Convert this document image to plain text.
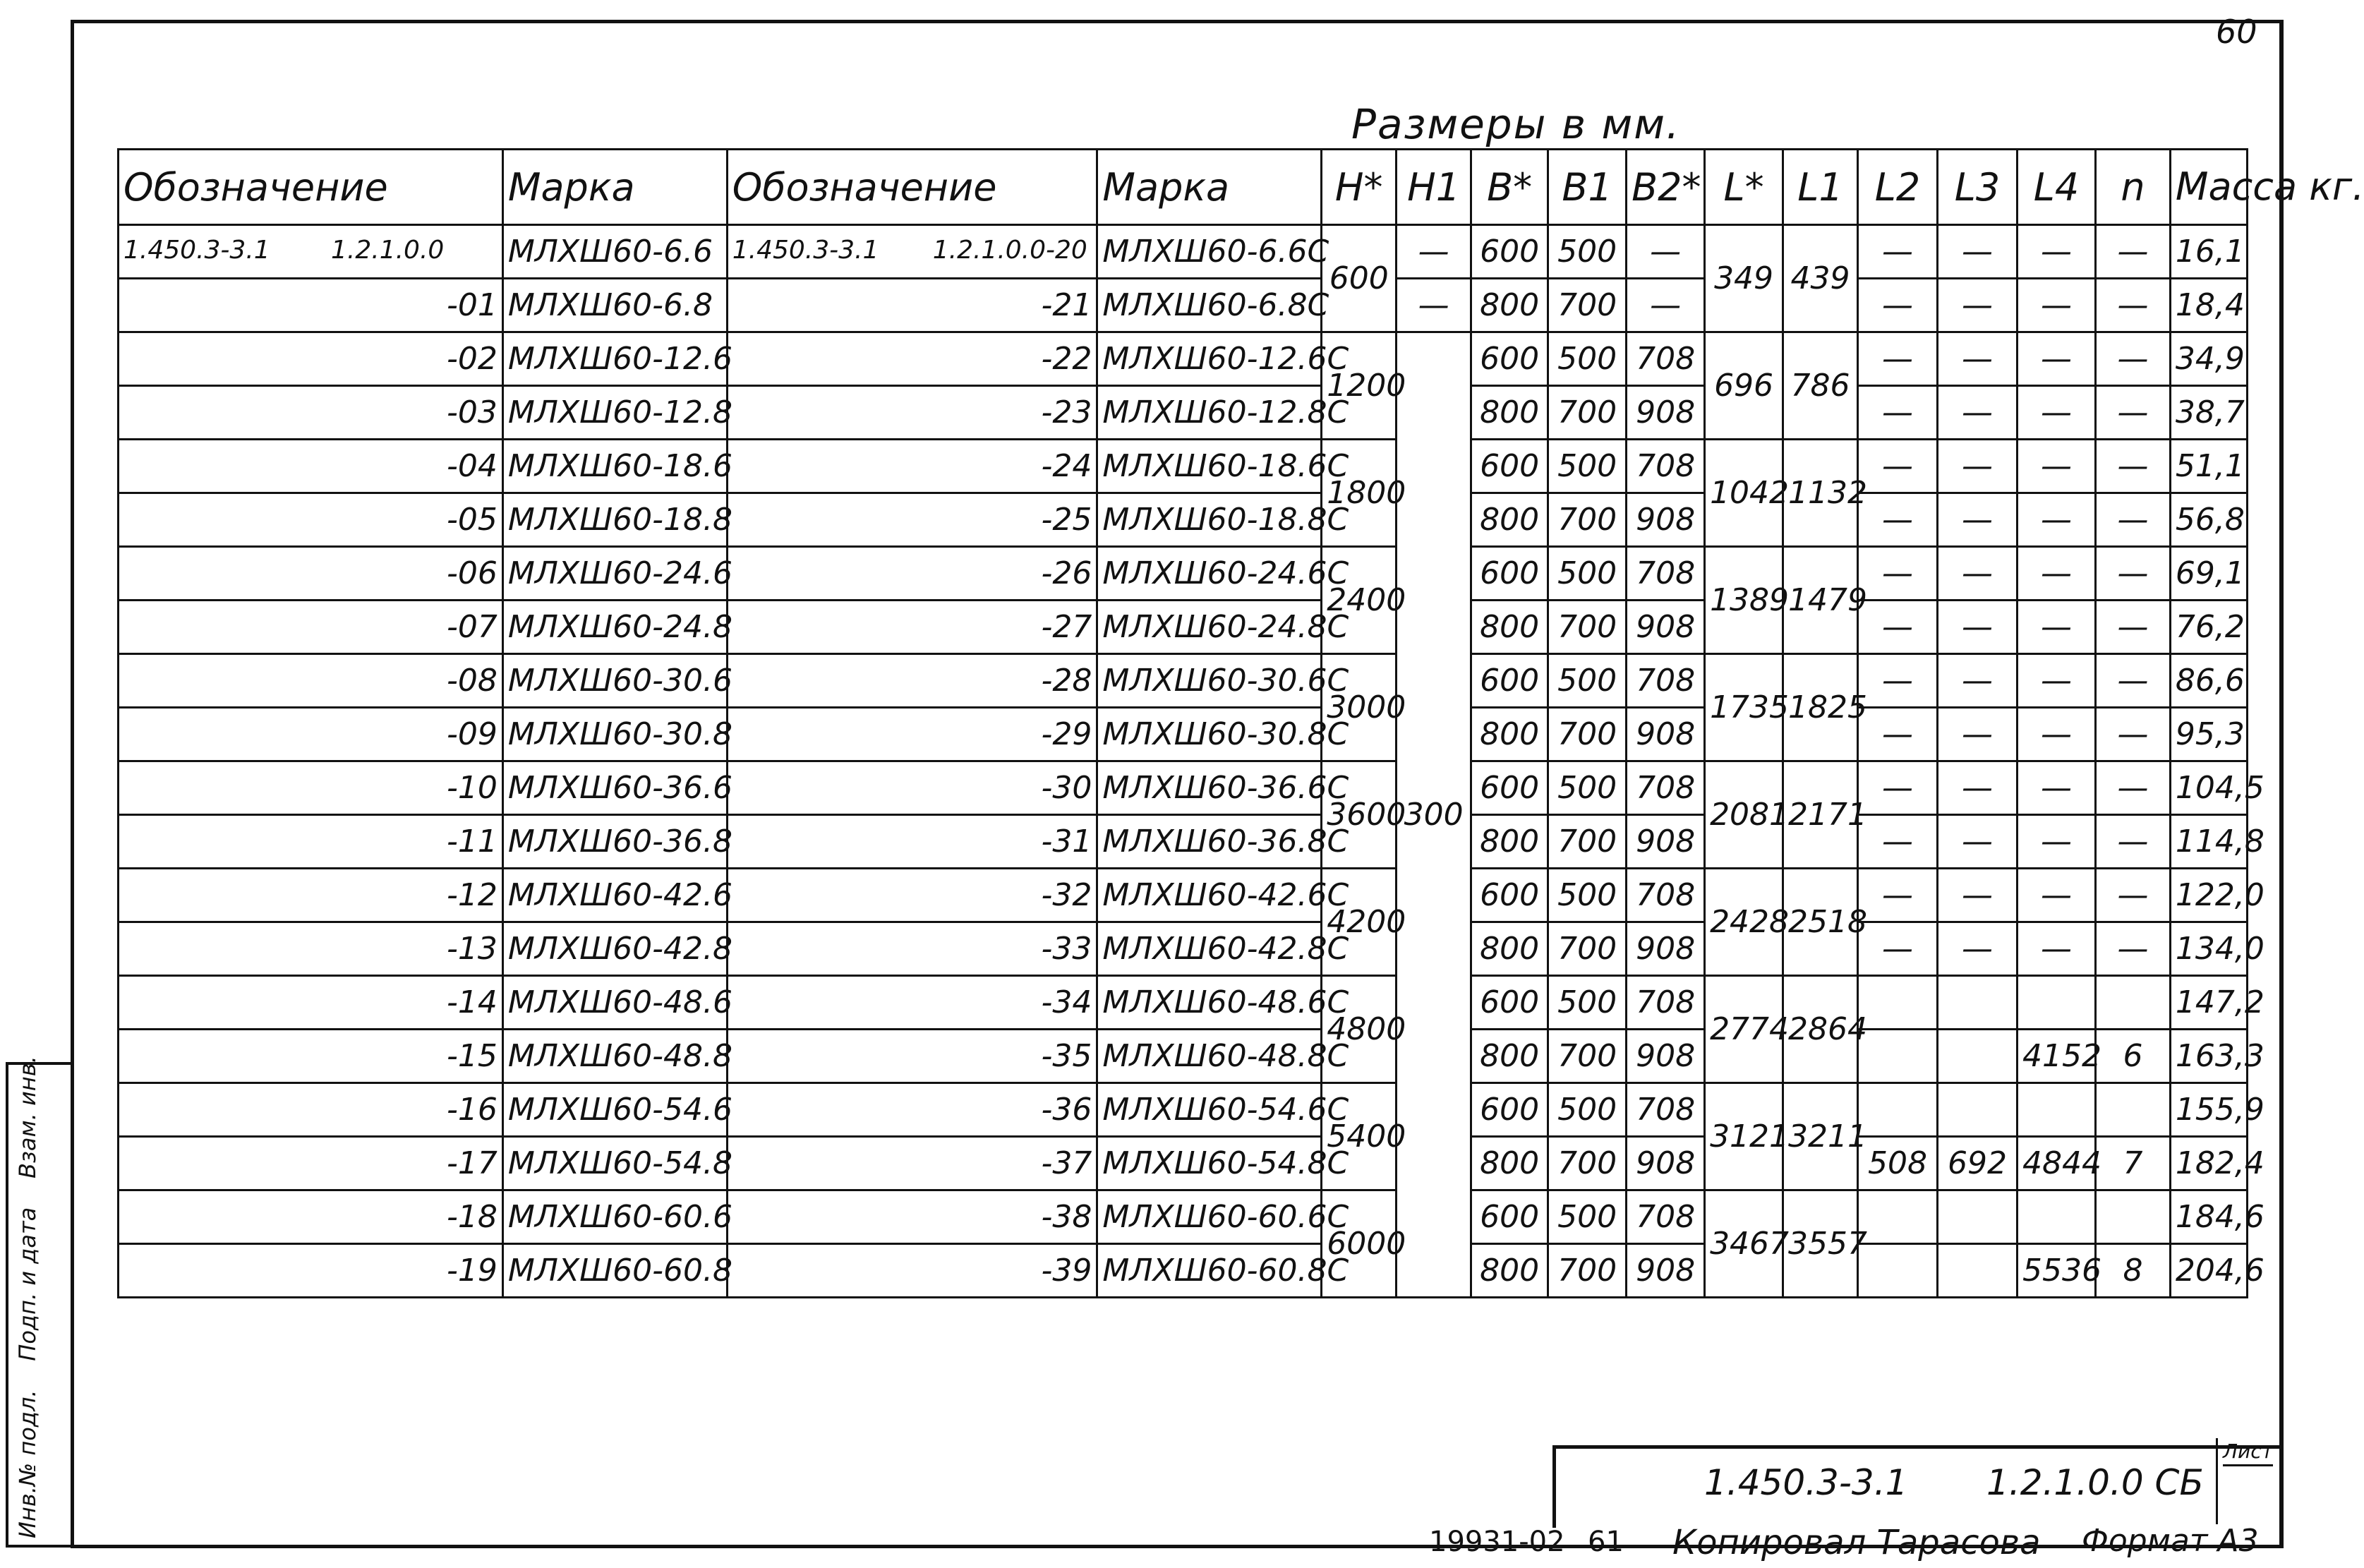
60
Размеры в мм.
Обозначение	Марка	Обозначение	Марка	H*	H1	B*	B1	B2*	L*	L1	L2	L3	L4	n	Масса кг.

1.450.3-3.1 1.2.1.0.0	МЛХШ60-6.6	1.450.3-3.1 1.2.1.0.0-20	МЛХШ60-6.6С	600	—	600	500	—	349	439	—	—	—	—	16,1

-01	МЛХШ60-6.8	-21	МЛХШ60-6.8С		—	800	700	—			—	—	—	—	18,4

-02	МЛХШ60-12.6	-22	МЛХШ60-12.6С	1200	300	600	500	708	696	786	—	—	—	—	34,9

-03	МЛХШ60-12.8	-23	МЛХШ60-12.8С			800	700	908			—	—	—	—	38,7

-04	МЛХШ60-18.6	-24	МЛХШ60-18.6С	1800		600	500	708	1042	1132	—	—	—	—	51,1

-05	МЛХШ60-18.8	-25	МЛХШ60-18.8С			800	700	908			—	—	—	—	56,8

-06	МЛХШ60-24.6	-26	МЛХШ60-24.6С	2400		600	500	708	1389	1479	—	—	—	—	69,1

-07	МЛХШ60-24.8	-27	МЛХШ60-24.8С			800	700	908			—	—	—	—	76,2

-08	МЛХШ60-30.6	-28	МЛХШ60-30.6С	3000		600	500	708	1735	1825	—	—	—	—	86,6

-09	МЛХШ60-30.8	-29	МЛХШ60-30.8С			800	700	908			—	—	—	—	95,3

-10	МЛХШ60-36.6	-30	МЛХШ60-36.6С	3600		600	500	708	2081	2171	—	—	—	—	104,5

-11	МЛХШ60-36.8	-31	МЛХШ60-36.8С			800	700	908			—	—	—	—	114,8

-12	МЛХШ60-42.6	-32	МЛХШ60-42.6С	4200		600	500	708	2428	2518	—	—	—	—	122,0

-13	МЛХШ60-42.8	-33	МЛХШ60-42.8С			800	700	908			—	—	—	—	134,0

-14	МЛХШ60-48.6	-34	МЛХШ60-48.6С	4800		600	500	708	2774	2864					147,2

-15	МЛХШ60-48.8	-35	МЛХШ60-48.8С			800	700	908					4152	6	163,3

-16	МЛХШ60-54.6	-36	МЛХШ60-54.6С	5400		600	500	708	3121	3211					155,9

-17	МЛХШ60-54.8	-37	МЛХШ60-54.8С			800	700	908			508	692	4844	7	182,4

-18	МЛХШ60-60.6	-38	МЛХШ60-60.6С	6000		600	500	708	3467	3557					184,6

-19	МЛХШ60-60.8	-39	МЛХШ60-60.8С			800	700	908					5536	8	204,6
1.450.3-3.1 1.2.1.0.0 СБ
Лист
19931-02 61 Копировал Тарасова Формат А3
Инв.№ подл.    Подп. и дата    Взам. инв.
